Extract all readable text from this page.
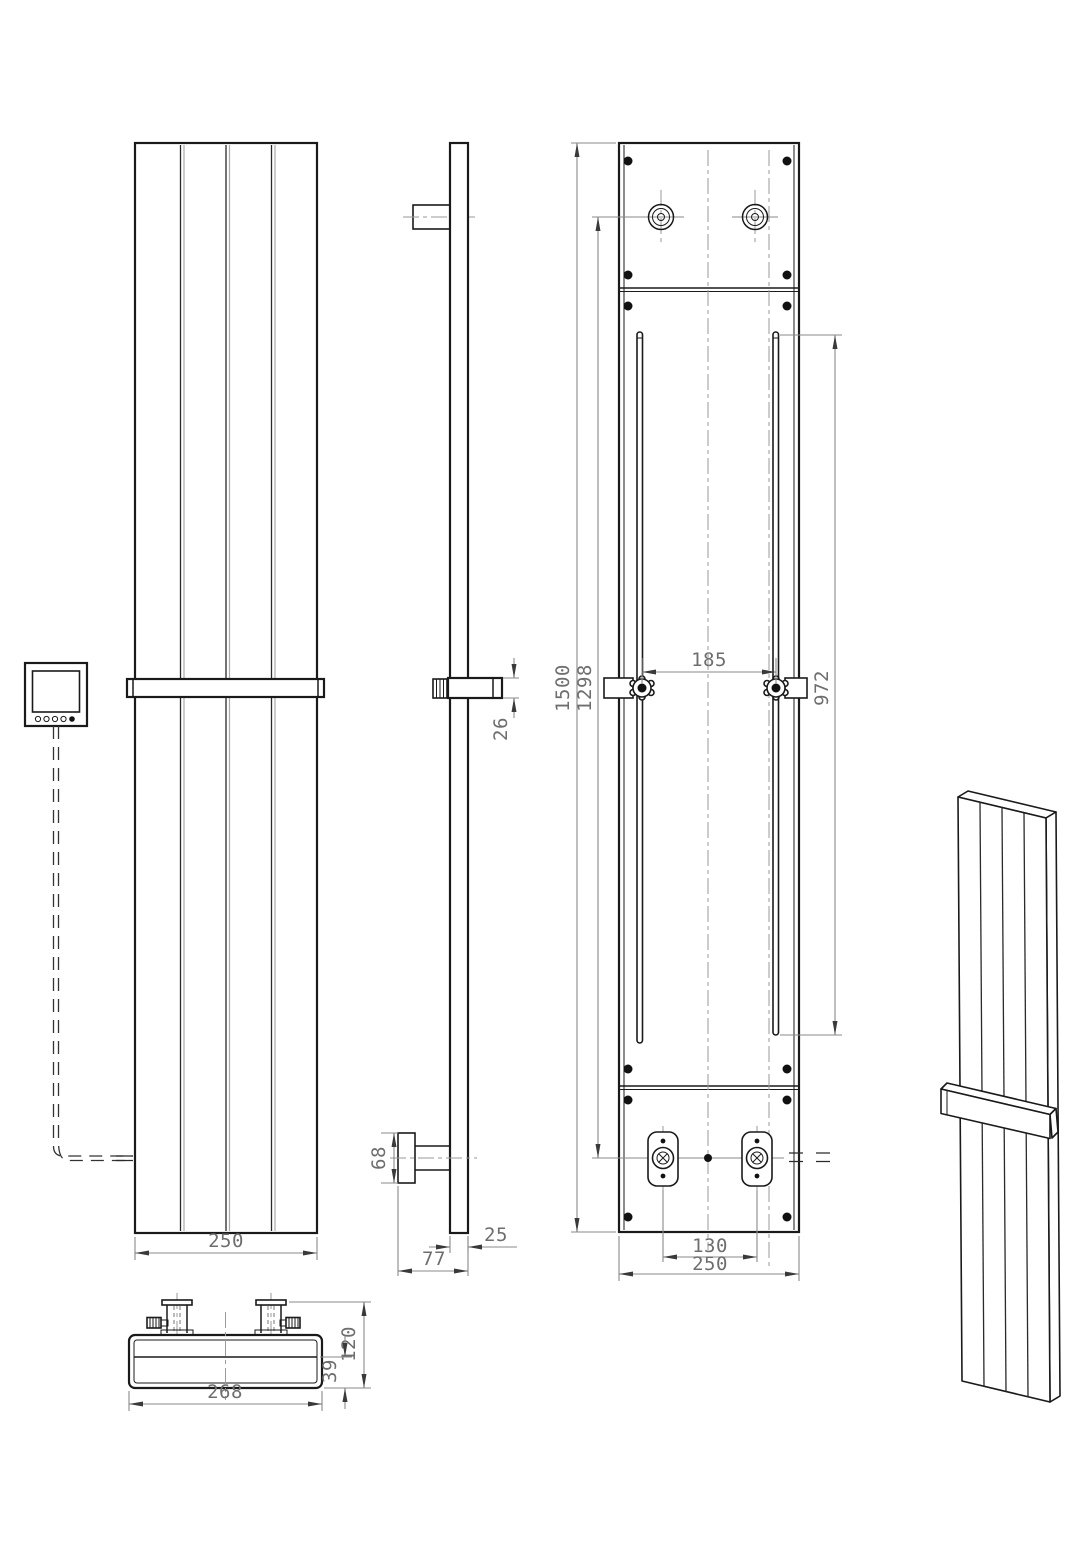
250
26
68
25
77
1500 1298	972
185
130
250
268
120
39
